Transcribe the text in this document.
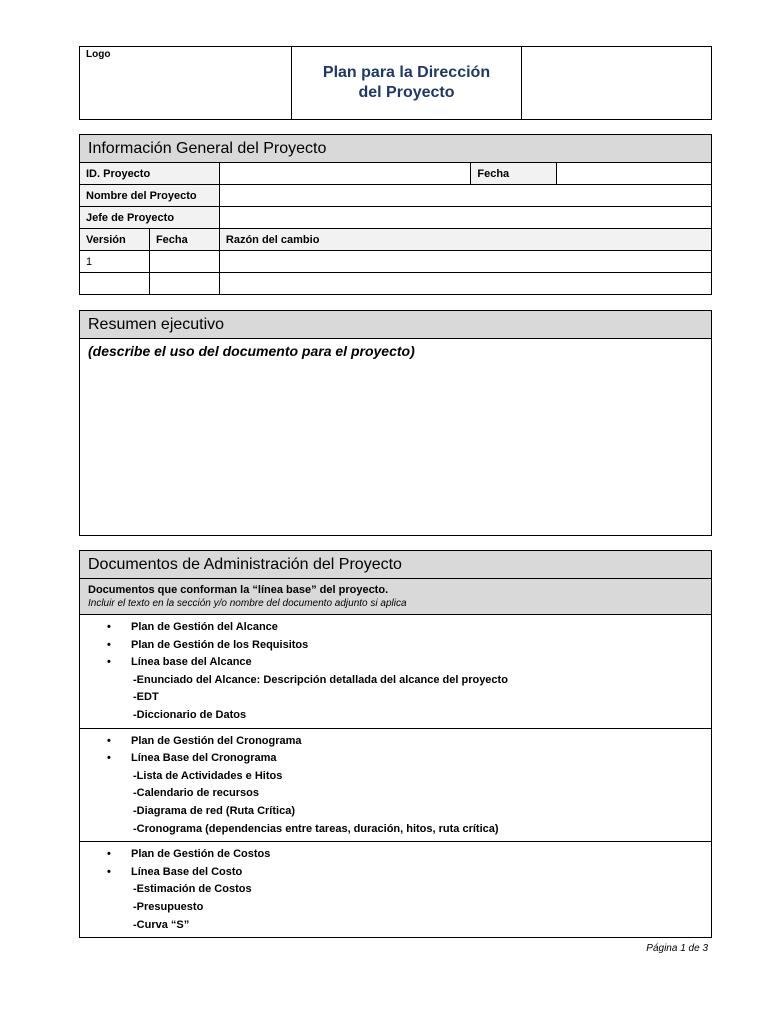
Logo	
Plan para la Dirección
del Proyecto

Información General del Proyecto				
ID. Proyecto			Fecha	
Nombre del Proyecto				
Jefe de Proyecto				
Versión	Fecha	Razón del cambio		
1				

Resumen ejecutivo
(describe el uso del documento para el proyecto)
Documentos de Administración del Proyecto
Documentos que conforman la “línea base” del proyecto.
Incluir el texto en la sección y/o nombre del documento adjunto si aplica
• Plan de Gestión del Alcance
• Plan de Gestión de los Requisitos
• Línea base del Alcance
-Enunciado del Alcance: Descripción detallada del alcance del proyecto
-EDT
-Diccionario de Datos
• Plan de Gestión del Cronograma
• Línea Base del Cronograma
-Lista de Actividades e Hitos
-Calendario de recursos
-Diagrama de red (Ruta Crítica)
-Cronograma (dependencias entre tareas, duración, hitos, ruta crítica)
• Plan de Gestión de Costos
• Línea Base del Costo
-Estimación de Costos
-Presupuesto
-Curva “S”
Página 1 de 3
